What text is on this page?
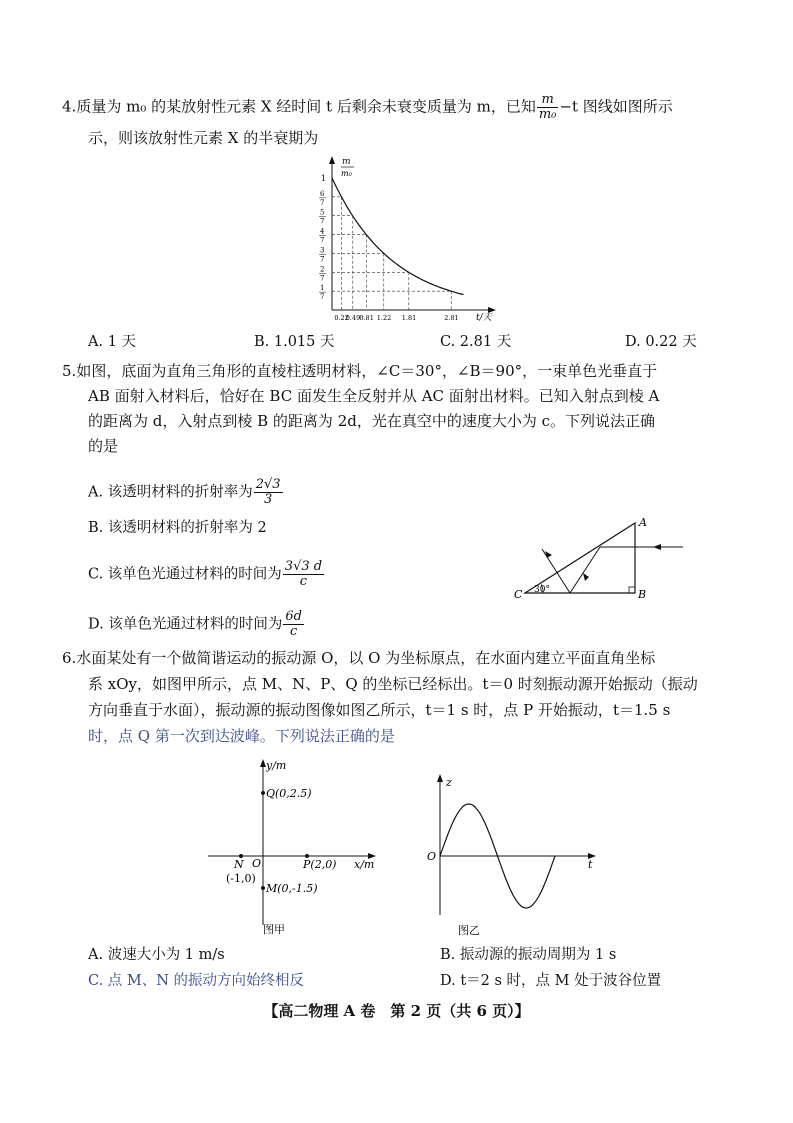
4.质量为 m₀ 的某放射性元素 X 经时间 t 后剩余未衰变质量为 m，已知 $\frac{m}{\text{m₀}} -t$ 图线如图所示
示，则该放射性元素 X 的半衰期为
m
m₀
t/天
1
6
7
5
7
4
7
3
7
2
7
1
7
0.22
0.49 0.81 1.22 1.81	2.81
A. 1 天	B. 1.015 天	C. 2.81 天	D. 0.22 天
5.如图，底面为直角三角形的直棱柱透明材料，∠C＝30°，∠B＝90°，一束单色光垂直于
AB 面射入材料后，恰好在 BC 面发生全反射并从 AC 面射出材料。已知入射点到棱 A
的距离为 d，入射点到棱 B 的距离为 2d，光在真空中的速度大小为 c。下列说法正确
的是
A. 该透明材料的折射率为 $\frac{2√3}{3}$
B. 该透明材料的折射率为 2
C. 该单色光通过材料的时间为 $\frac{3√3 d}{c}$
D. 该单色光通过材料的时间为 $\frac{6d}{c}$
A
B
C 30°
6.水面某处有一个做简谐运动的振动源 O，以 O 为坐标原点，在水面内建立平面直角坐标
系 xOy，如图甲所示，点 M、N、P、Q 的坐标已经标出。t＝0 时刻振动源开始振动（振动
方向垂直于水面），振动源的振动图像如图乙所示，t＝1 s 时，点 P 开始振动，t＝1.5 s
时，点 Q 第一次到达波峰。下列说法正确的是
y/m
x/m
O
Q(0,2.5)
P(2,0)
N
(-1,0)
M(0,-1.5)
图甲
z
t
O
图乙
A. 波速大小为 1 m/s	B. 振动源的振动周期为 1 s
C. 点 M、N 的振动方向始终相反	D. t＝2 s 时，点 M 处于波谷位置
【高二物理 A 卷　第 2 页（共 6 页）】
